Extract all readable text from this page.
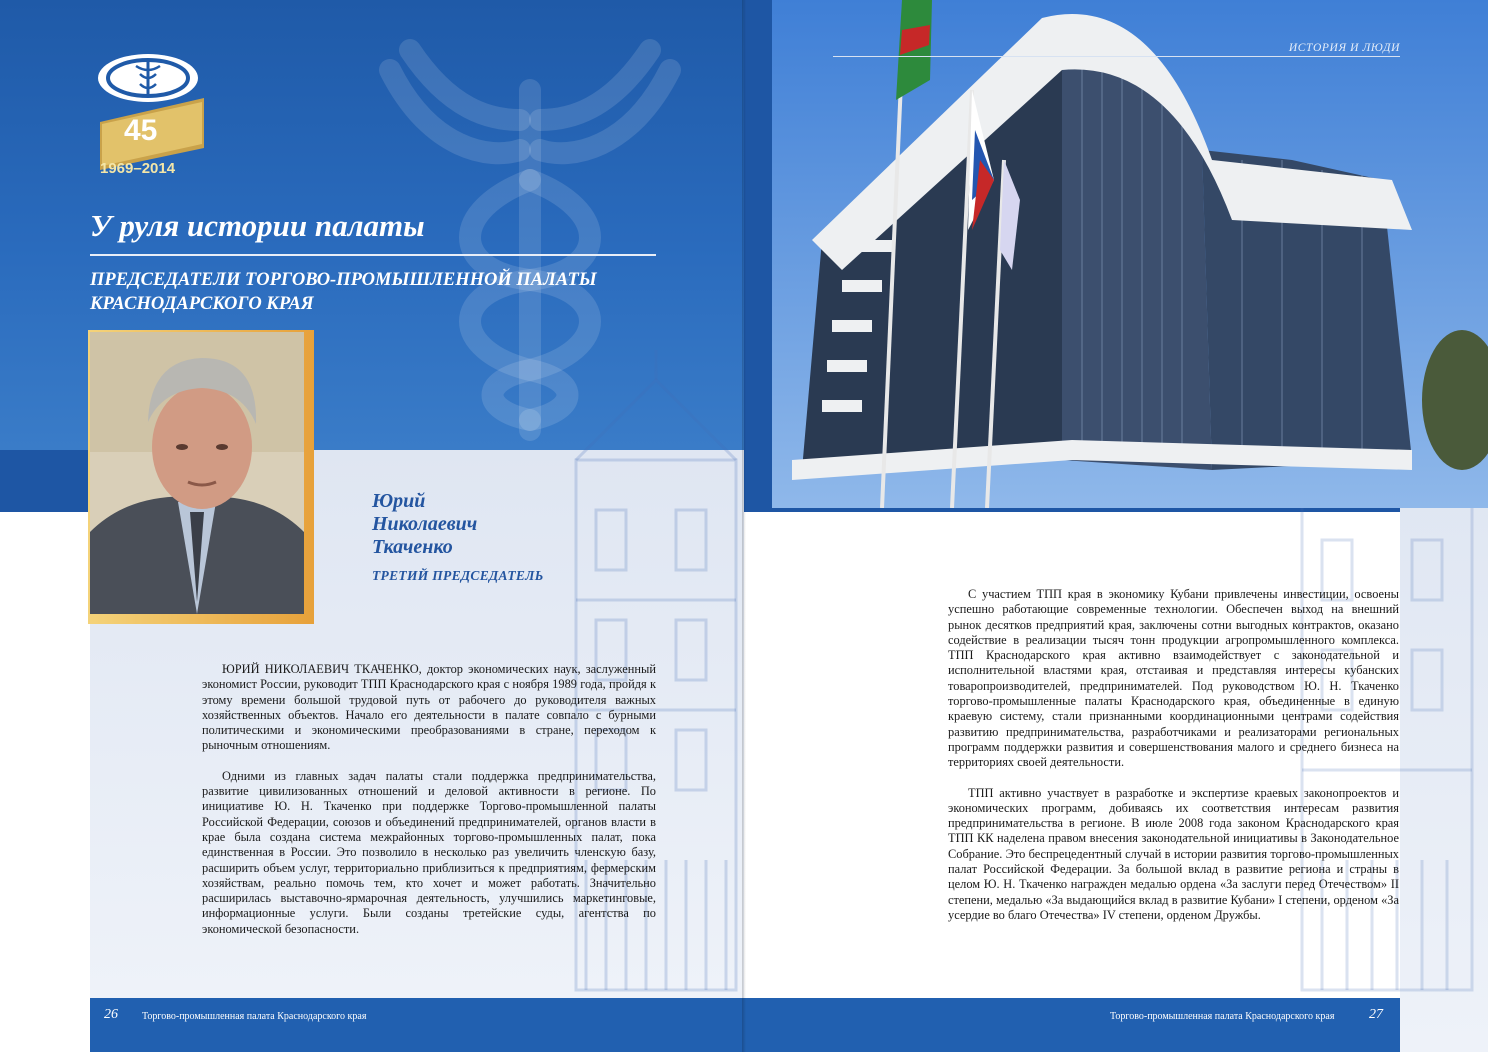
45
1969–2014
У руля истории палаты
ПРЕДСЕДАТЕЛИ ТОРГОВО-ПРОМЫШЛЕННОЙ ПАЛАТЫ
КРАСНОДАРСКОГО КРАЯ
Юрий
Николаевич
Ткаченко
ТРЕТИЙ ПРЕДСЕДАТЕЛЬ

ЮРИЙ НИКОЛАЕВИЧ ТКАЧЕНКО, доктор экономических наук, заслуженный экономист России, руководит ТПП Краснодарского края с ноября 1989 года, пройдя к этому времени большой трудовой путь от рабочего до руководителя важных хозяйственных объектов. Начало его деятельности в палате совпало с бурными политическими и экономическими преобразованиями в стране, переходом к рыночным отношениям.

Одними из главных задач палаты стали поддержка предпринимательства, развитие цивилизованных отношений и деловой активности в регионе. По инициативе Ю. Н. Ткаченко при поддержке Торгово-промышленной палаты Российской Федерации, союзов и объединений предпринимателей, органов власти в крае была создана система межрайонных торгово-промышленных палат, пока единственная в России. Это позволило в несколько раз увеличить членскую базу, расширить объем услуг, территориально приблизиться к предприятиям, фермерским хозяйствам, реально помочь тем, кто хочет и может работать. Значительно расширилась выставочно-ярмарочная деятельность, улучшились маркетинговые, информационные услуги. Были созданы третейские суды, агентства по экономической безопасности.

ИСТОРИЯ И ЛЮДИ

С участием ТПП края в экономику Кубани привлечены инвестиции, освоены успешно работающие современные технологии. Обеспечен выход на внешний рынок десятков предприятий края, заключены сотни выгодных контрактов, оказано содействие в реализации тысяч тонн продукции агропромышленного комплекса. ТПП Краснодарского края активно взаимодействует с законодательной и исполнительной властями края, отстаивая и представляя интересы кубанских товаропроизводителей, предпринимателей. Под руководством Ю. Н. Ткаченко торгово-промышленные палаты Краснодарского края, объединенные в единую краевую систему, стали признанными координационными центрами содействия развитию предпринимательства, разработчиками и реализаторами региональных программ поддержки развития и совершенствования малого и среднего бизнеса на территориях своей деятельности.

ТПП активно участвует в разработке и экспертизе краевых законопроектов и экономических программ, добиваясь их соответствия интересам развития предпринимательства в регионе. В июле 2008 года законом Краснодарского края ТПП КК наделена правом внесения законодательной инициативы в Законодательное Собрание. Это беспрецедентный случай в истории развития торгово-промышленных палат Российской Федерации. За большой вклад в развитие региона и страны в целом Ю. Н. Ткаченко награжден медалью ордена «За заслуги перед Отечеством» II степени, медалью «За выдающийся вклад в развитие Кубани» I степени, орденом «За усердие во благо Отечества» IV степени, орденом Дружбы.

26 Торгово-промышленная палата Краснодарского края	Торгово-промышленная палата Краснодарского края 27
